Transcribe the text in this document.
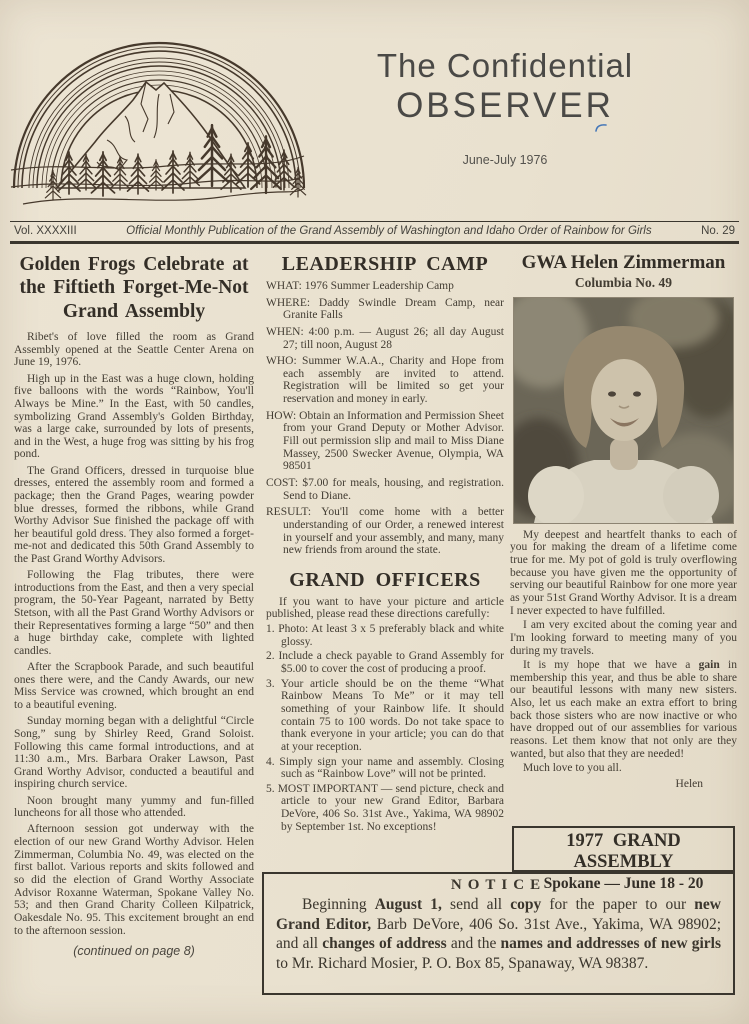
The Confidential
OBSERVER
June-July 1976
Vol. XXXXIII	Official Monthly Publication of the Grand Assembly of Washington and Idaho Order of Rainbow for Girls	No. 29
Golden Frogs Celebrate at the Fiftieth Forget-Me-Not Grand Assembly

Ribet's of love filled the room as Grand Assembly opened at the Seattle Center Arena on June 19, 1976.

High up in the East was a huge clown, holding five balloons with the words “Rainbow, You'll Always be Mine.” In the East, with 50 candles, symbolizing Grand Assembly's Golden Birthday, was a large cake, surrounded by lots of presents, and in the West, a huge frog was sitting by his frog pond.

The Grand Officers, dressed in turquoise blue dresses, entered the assembly room and formed a package; then the Grand Pages, wearing powder blue dresses, formed the ribbons, while Grand Worthy Advisor Sue finished the package off with her beautiful gold dress. They also formed a forget-me-not and dedicated this 50th Grand Assembly to the Past Grand Worthy Advisors.

Following the Flag tributes, there were introductions from the East, and then a very special program, the 50-Year Pageant, narrated by Betty Stetson, with all the Past Grand Worthy Advisors or their Representatives forming a large “50” and then a huge birthday cake, complete with lighted candles.

After the Scrapbook Parade, and such beautiful ones there were, and the Candy Awards, our new Miss Service was crowned, which brought an end to a beautiful evening.

Sunday morning began with a delightful “Circle Song,” sung by Shirley Reed, Grand Soloist. Following this came formal introductions, and at 11:30 a.m., Mrs. Barbara Oraker Lawson, Past Grand Worthy Advisor, conducted a beautiful and inspiring church service.

Noon brought many yummy and fun-filled luncheons for all those who attended.

Afternoon session got underway with the election of our new Grand Worthy Advisor. Helen Zimmerman, Columbia No. 49, was elected on the first ballot. Various reports and skits followed and so did the election of Grand Worthy Associate Advisor Roxanne Waterman, Spokane Valley No. 53; and then Grand Charity Colleen Kilpatrick, Oakesdale No. 95. This excitement brought an end to the afternoon session.

(continued on page 8)
LEADERSHIP CAMP

WHAT: 1976 Summer Leadership Camp

WHERE: Daddy Swindle Dream Camp, near Granite Falls

WHEN: 4:00 p.m. — August 26; all day August 27; till noon, August 28

WHO: Summer W.A.A., Charity and Hope from each assembly are invited to attend. Registration will be limited so get your reservation and money in early.

HOW: Obtain an Information and Permission Sheet from your Grand Deputy or Mother Advisor. Fill out permission slip and mail to Miss Diane Massey, 2500 Swecker Avenue, Olympia, WA 98501

COST: $7.00 for meals, housing, and registration. Send to Diane.

RESULT: You'll come home with a better understanding of our Order, a renewed interest in yourself and your assembly, and many, many new friends from around the state.

GRAND OFFICERS

If you want to have your picture and article published, please read these directions carefully:

1. Photo: At least 3 x 5 preferably black and white glossy.

2. Include a check payable to Grand Assembly for $5.00 to cover the cost of producing a proof.

3. Your article should be on the theme “What Rainbow Means To Me” or it may tell something of your Rainbow life. It should contain 75 to 100 words. Do not take space to thank everyone in your article; you can do that at your reception.

4. Simply sign your name and assembly. Closing such as “Rainbow Love” will not be printed.

5. MOST IMPORTANT — send picture, check and article to your new Grand Editor, Barbara DeVore, 406 So. 31st Ave., Yakima, WA 98902 by September 1st. No exceptions!

GWA Helen Zimmerman
Columbia No. 49

My deepest and heartfelt thanks to each of you for making the dream of a lifetime come true for me. My pot of gold is truly overflowing because you have given me the opportunity of serving our beautiful Rainbow for one more year as your 51st Grand Worthy Advisor. It is a dream I never expected to have fulfilled.

I am very excited about the coming year and I'm looking forward to meeting many of you during my travels.

It is my hope that we have a gain in membership this year, and thus be able to share our beautiful lessons with many new sisters. Also, let us each make an extra effort to bring back those sisters who are now inactive or who have dropped out of our assemblies for various reasons. Let them know that not only are they wanted, but also that they are needed!

Much love to you all.

Helen
1977 GRAND ASSEMBLY
Spokane — June 18 - 20
NOTICE
Beginning August 1, send all copy for the paper to our new Grand Editor, Barb DeVore, 406 So. 31st Ave., Yakima, WA 98902; and all changes of address and the names and addresses of new girls to Mr. Richard Mosier, P. O. Box 85, Spanaway, WA 98387.
